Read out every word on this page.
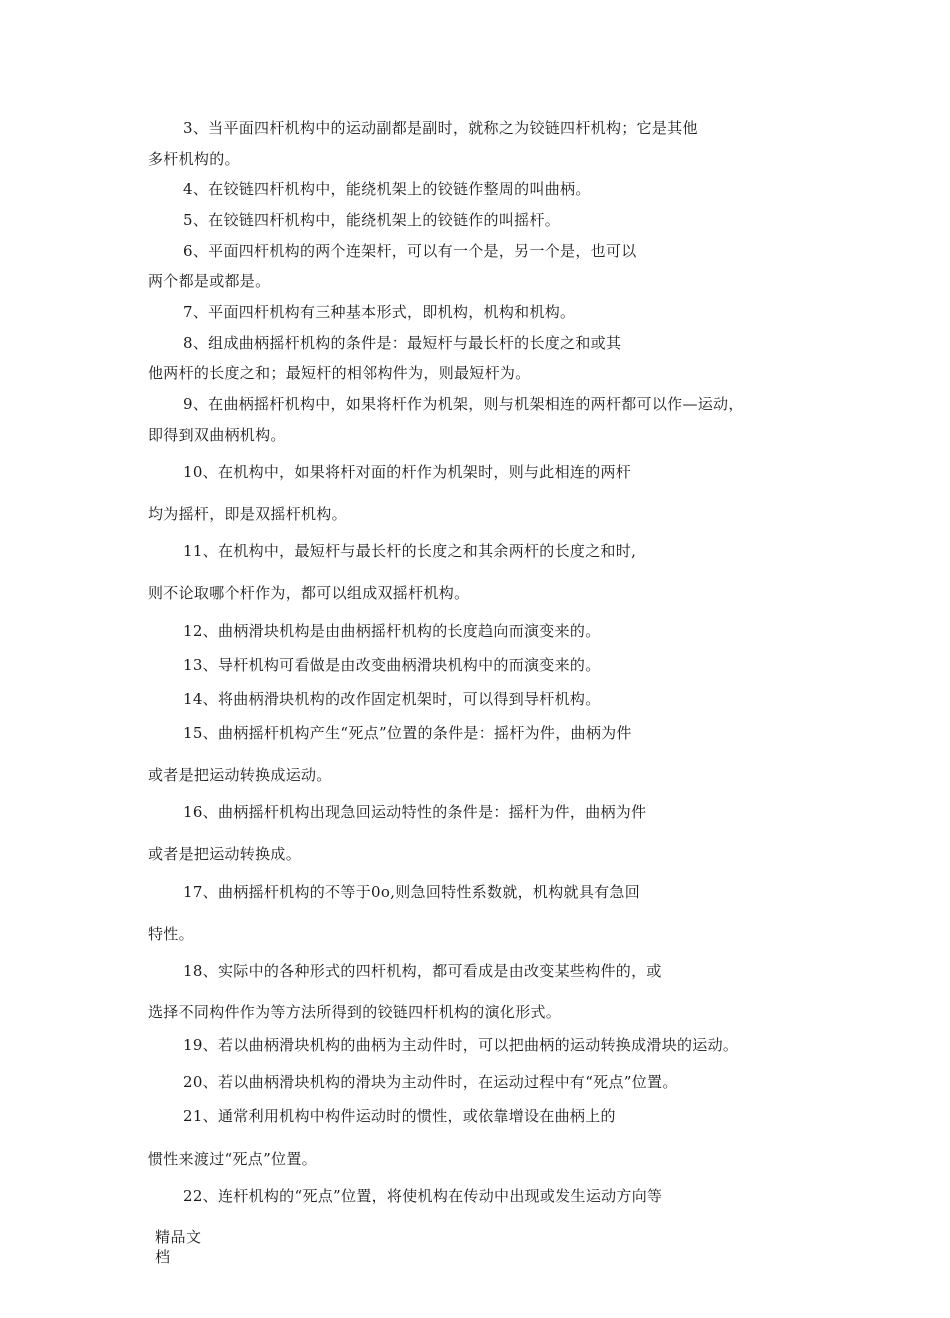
3、当平面四杆机构中的运动副都是副时，就称之为铰链四杆机构；它是其他
多杆机构的。
4、在铰链四杆机构中，能绕机架上的铰链作整周的叫曲柄。
5、在铰链四杆机构中，能绕机架上的铰链作的叫摇杆。
6、平面四杆机构的两个连架杆，可以有一个是，另一个是，也可以
两个都是或都是。
7、平面四杆机构有三种基本形式，即机构，机构和机构。
8、组成曲柄摇杆机构的条件是：最短杆与最长杆的长度之和或其
他两杆的长度之和；最短杆的相邻构件为，则最短杆为。
9、在曲柄摇杆机构中，如果将杆作为机架，则与机架相连的两杆都可以作—运动，
即得到双曲柄机构。
10、在机构中，如果将杆对面的杆作为机架时，则与此相连的两杆
均为摇杆，即是双摇杆机构。
11、在机构中，最短杆与最长杆的长度之和其余两杆的长度之和时,
则不论取哪个杆作为，都可以组成双摇杆机构。
12、曲柄滑块机构是由曲柄摇杆机构的长度趋向而演变来的。
13、导杆机构可看做是由改变曲柄滑块机构中的而演变来的。
14、将曲柄滑块机构的改作固定机架时，可以得到导杆机构。
15、曲柄摇杆机构产生“死点”位置的条件是：摇杆为件，曲柄为件
或者是把运动转换成运动。
16、曲柄摇杆机构出现急回运动特性的条件是：摇杆为件，曲柄为件
或者是把运动转换成。
17、曲柄摇杆机构的不等于0o,则急回特性系数就，机构就具有急回
特性。
18、实际中的各种形式的四杆机构，都可看成是由改变某些构件的，或
选择不同构件作为等方法所得到的铰链四杆机构的演化形式。
19、若以曲柄滑块机构的曲柄为主动件时，可以把曲柄的运动转换成滑块的运动。
20、若以曲柄滑块机构的滑块为主动件时，在运动过程中有“死点”位置。
21、通常利用机构中构件运动时的惯性，或依靠增设在曲柄上的
惯性来渡过“死点”位置。
22、连杆机构的“死点”位置，将使机构在传动中出现或发生运动方向等
精品文档
